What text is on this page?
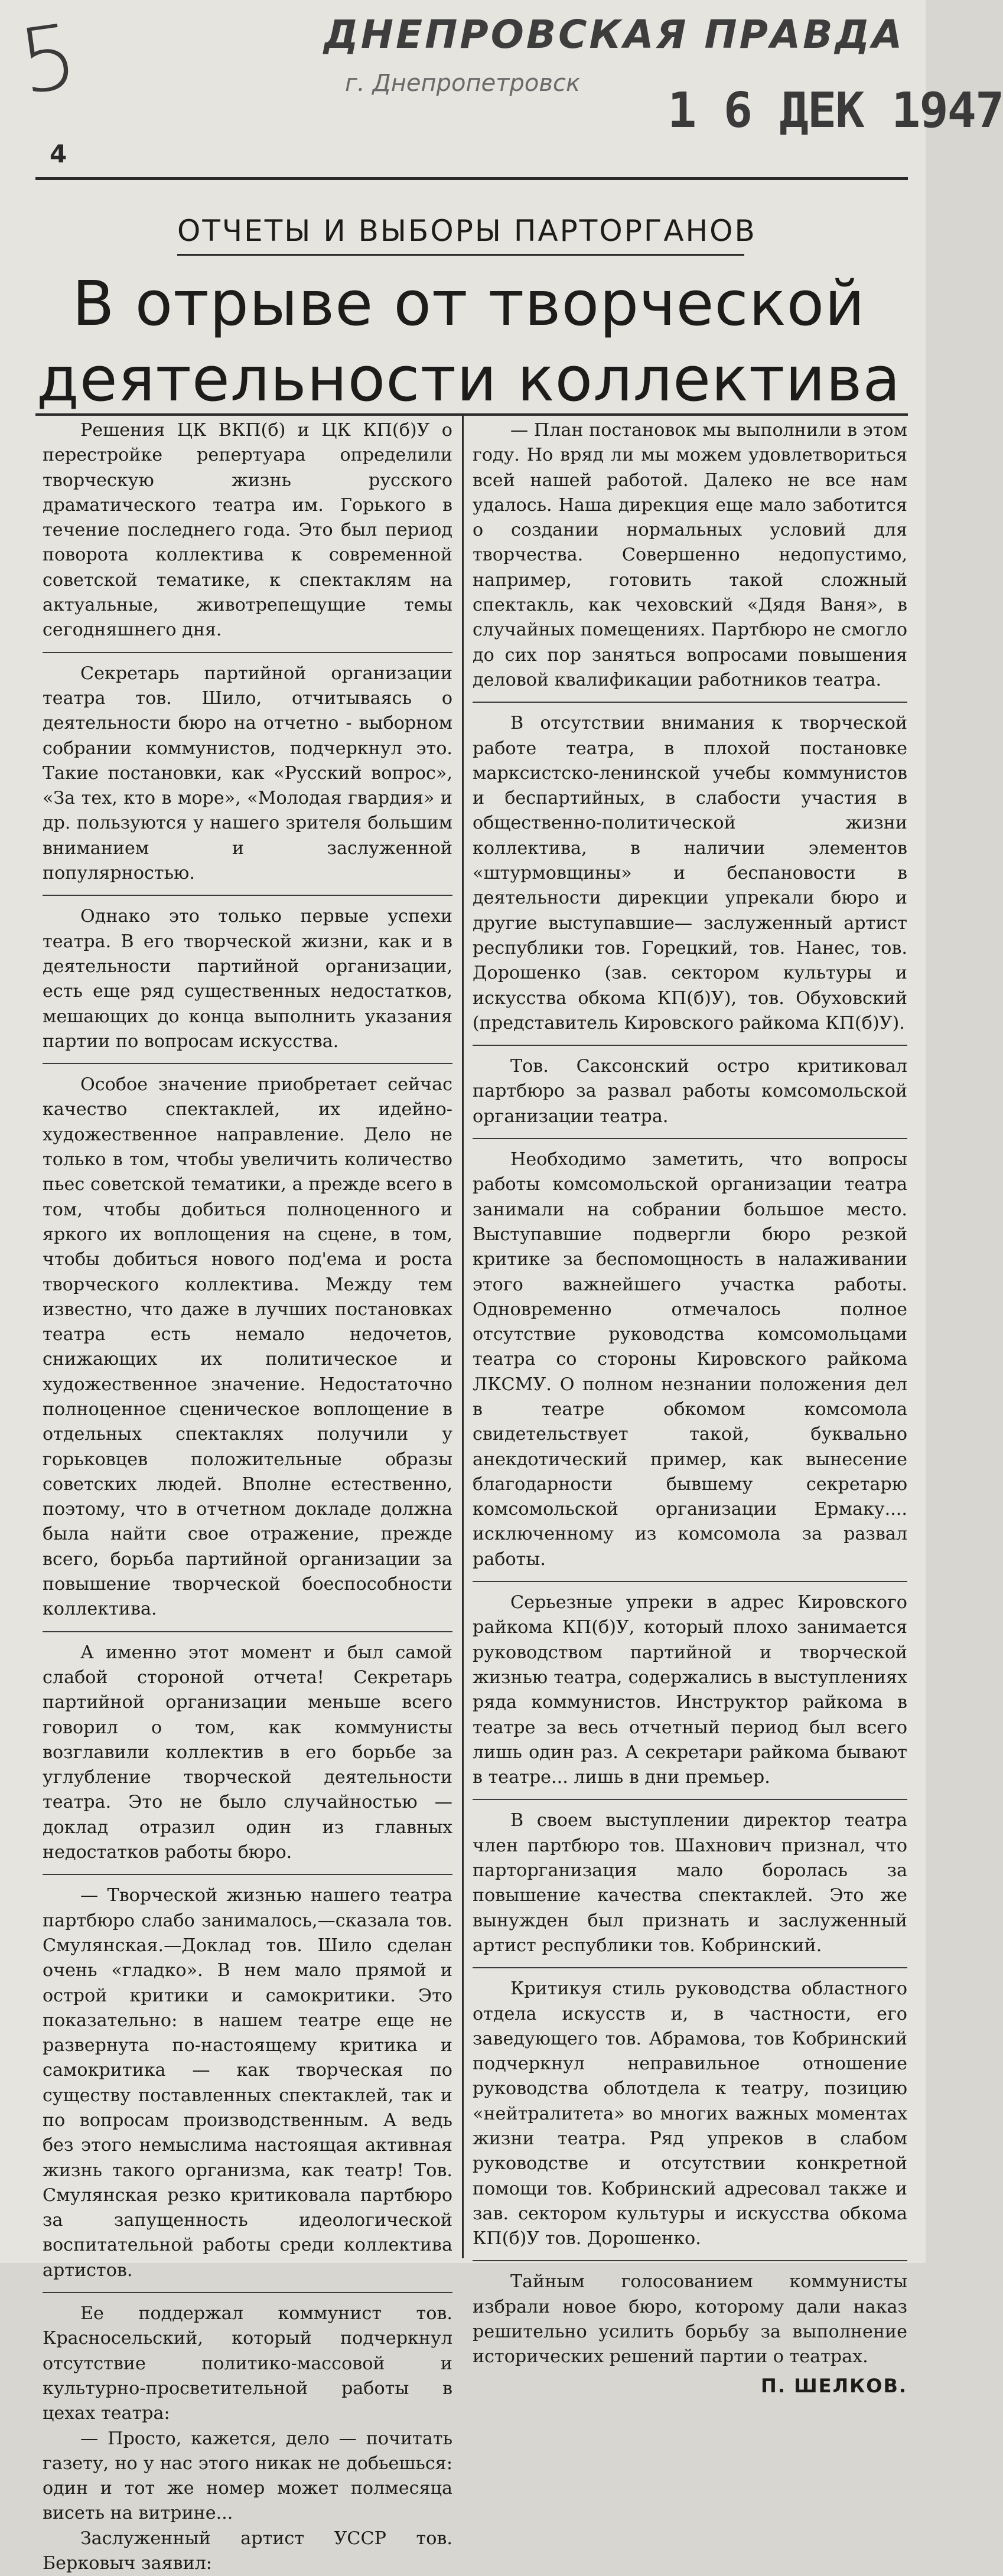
5	ДНЕПРОВСКАЯ ПРАВДА
г. Днепропетровск 1 6 ДЕК 1947
4
ОТЧЕТЫ И ВЫБОРЫ ПАРТОРГАНОВ
В отрыве от творческой
деятельности коллектива

Решения ЦК ВКП(б) и ЦК КП(б)У о перестройке репертуара определили творческую жизнь русского драматического театра им. Горького в течение последнего года. Это был период поворота коллектива к современной советской тематике, к спектаклям на актуальные, животрепещущие темы сегодняшнего дня.

Секретарь партийной организации театра тов. Шило, отчитываясь о деятельности бюро на отчетно - выборном собрании коммунистов, подчеркнул это. Такие постановки, как «Русский вопрос», «За тех, кто в море», «Молодая гвардия» и др. пользуются у нашего зрителя большим вниманием и заслуженной популярностью.

Однако это только первые успехи театра. В его творческой жизни, как и в деятельности партийной организации, есть еще ряд существенных недостатков, мешающих до конца выполнить указания партии по вопросам искусства.

Особое значение приобретает сейчас качество спектаклей, их идейно-художественное направление. Дело не только в том, чтобы увеличить количество пьес советской тематики, а прежде всего в том, чтобы добиться полноценного и яркого их воплощения на сцене, в том, чтобы добиться нового под'ема и роста творческого коллектива. Между тем известно, что даже в лучших постановках театра есть немало недочетов, снижающих их политическое и художественное значение. Недостаточно полноценное сценическое воплощение в отдельных спектаклях получили у горьковцев положительные образы советских людей. Вполне естественно, поэтому, что в отчетном докладе должна была найти свое отражение, прежде всего, борьба партийной организации за повышение творческой боеспособности коллектива.

А именно этот момент и был самой слабой стороной отчета! Секретарь партийной организации меньше всего говорил о том, как коммунисты возглавили коллектив в его борьбе за углубление творческой деятельности театра. Это не было случайностью — доклад отразил один из главных недостатков работы бюро.

— Творческой жизнью нашего театра партбюро слабо занималось,—сказала тов. Смулянская.—Доклад тов. Шило сделан очень «гладко». В нем мало прямой и острой критики и самокритики. Это показательно: в нашем театре еще не развернута по-настоящему критика и самокритика — как творческая по существу поставленных спектаклей, так и по вопросам производственным. А ведь без этого немыслима настоящая активная жизнь такого организма, как театр! Тов. Смулянская резко критиковала партбюро за запущенность идеологической воспитательной работы среди коллектива артистов.

Ее поддержал коммунист тов. Красносельский, который подчеркнул отсутствие политико-массовой и культурно-просветительной работы в цехах театра:

— Просто, кажется, дело — почитать газету, но у нас этого никак не добьешься: один и тот же номер может полмесяца висеть на витрине...

Заслуженный артист УССР тов. Берковыч заявил:

— План постановок мы выполнили в этом году. Но вряд ли мы можем удовлетвориться всей нашей работой. Далеко не все нам удалось. Наша дирекция еще мало заботится о создании нормальных условий для творчества. Совершенно недопустимо, например, готовить такой сложный спектакль, как чеховский «Дядя Ваня», в случайных помещениях. Партбюро не смогло до сих пор заняться вопросами повышения деловой квалификации работников театра.

В отсутствии внимания к творческой работе театра, в плохой постановке марксистско-ленинской учебы коммунистов и беспартийных, в слабости участия в общественно-политической жизни коллектива, в наличии элементов «штурмовщины» и беспановости в деятельности дирекции упрекали бюро и другие выступавшие— заслуженный артист республики тов. Горецкий, тов. Нанес, тов. Дорошенко (зав. сектором культуры и искусства обкома КП(б)У), тов. Обуховский (представитель Кировского райкома КП(б)У).

Тов. Саксонский остро критиковал партбюро за развал работы комсомольской организации театра.

Необходимо заметить, что вопросы работы комсомольской организации театра занимали на собрании большое место. Выступавшие подвергли бюро резкой критике за беспомощность в налаживании этого важнейшего участка работы. Одновременно отмечалось полное отсутствие руководства комсомольцами театра со стороны Кировского райкома ЛКСМУ. О полном незнании положения дел в театре обкомом комсомола свидетельствует такой, буквально анекдотический пример, как вынесение благодарности бывшему секретарю комсомольской организации Ермаку.... исключенному из комсомола за развал работы.

Серьезные упреки в адрес Кировского райкома КП(б)У, который плохо занимается руководством партийной и творческой жизнью театра, содержались в выступлениях ряда коммунистов. Инструктор райкома в театре за весь отчетный период был всего лишь один раз. А секретари райкома бывают в театре... лишь в дни премьер.

В своем выступлении директор театра член партбюро тов. Шахнович признал, что парторганизация мало боролась за повышение качества спектаклей. Это же вынужден был признать и заслуженный артист республики тов. Кобринский.

Критикуя стиль руководства областного отдела искусств и, в частности, его заведующего тов. Абрамова, тов Кобринский подчеркнул неправильное отношение руководства облотдела к театру, позицию «нейтралитета» во многих важных моментах жизни театра. Ряд упреков в слабом руководстве и отсутствии конкретной помощи тов. Кобринский адресовал также и зав. сектором культуры и искусства обкома КП(б)У тов. Дорошенко.

Тайным голосованием коммунисты избрали новое бюро, которому дали наказ решительно усилить борьбу за выполнение исторических решений партии о театрах.

П. ШЕЛКОВ.
